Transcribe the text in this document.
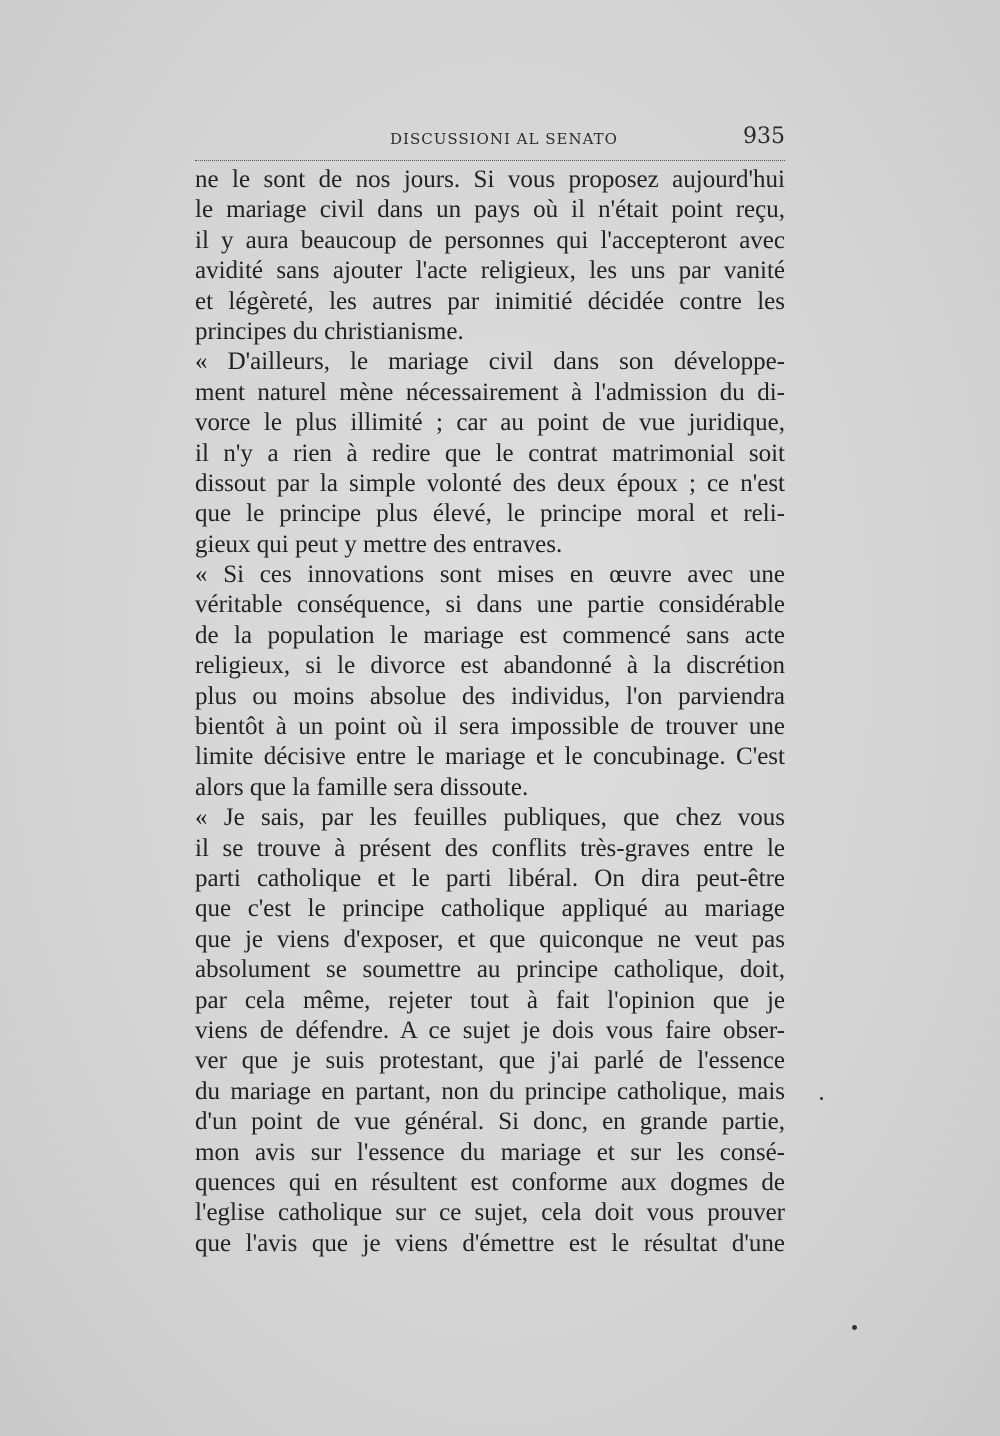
DISCUSSIONI AL SENATO	935
ne le sont de nos jours. Si vous proposez aujourd'hui
le mariage civil dans un pays où il n'était point reçu,
il y aura beaucoup de personnes qui l'accepteront avec
avidité sans ajouter l'acte religieux, les uns par vanité
et légèreté, les autres par inimitié décidée contre les
principes du christianisme.
« D'ailleurs, le mariage civil dans son développe-
ment naturel mène nécessairement à l'admission du di-
vorce le plus illimité ; car au point de vue juridique,
il n'y a rien à redire que le contrat matrimonial soit
dissout par la simple volonté des deux époux ; ce n'est
que le principe plus élevé, le principe moral et reli-
gieux qui peut y mettre des entraves.
« Si ces innovations sont mises en œuvre avec une
véritable conséquence, si dans une partie considérable
de la population le mariage est commencé sans acte
religieux, si le divorce est abandonné à la discrétion
plus ou moins absolue des individus, l'on parviendra
bientôt à un point où il sera impossible de trouver une
limite décisive entre le mariage et le concubinage. C'est
alors que la famille sera dissoute.
« Je sais, par les feuilles publiques, que chez vous
il se trouve à présent des conflits très-graves entre le
parti catholique et le parti libéral. On dira peut-être
que c'est le principe catholique appliqué au mariage
que je viens d'exposer, et que quiconque ne veut pas
absolument se soumettre au principe catholique, doit,
par cela même, rejeter tout à fait l'opinion que je
viens de défendre. A ce sujet je dois vous faire obser-
ver que je suis protestant, que j'ai parlé de l'essence
du mariage en partant, non du principe catholique, mais
d'un point de vue général. Si donc, en grande partie,
mon avis sur l'essence du mariage et sur les consé-
quences qui en résultent est conforme aux dogmes de
l'eglise catholique sur ce sujet, cela doit vous prouver
que l'avis que je viens d'émettre est le résultat d'une
